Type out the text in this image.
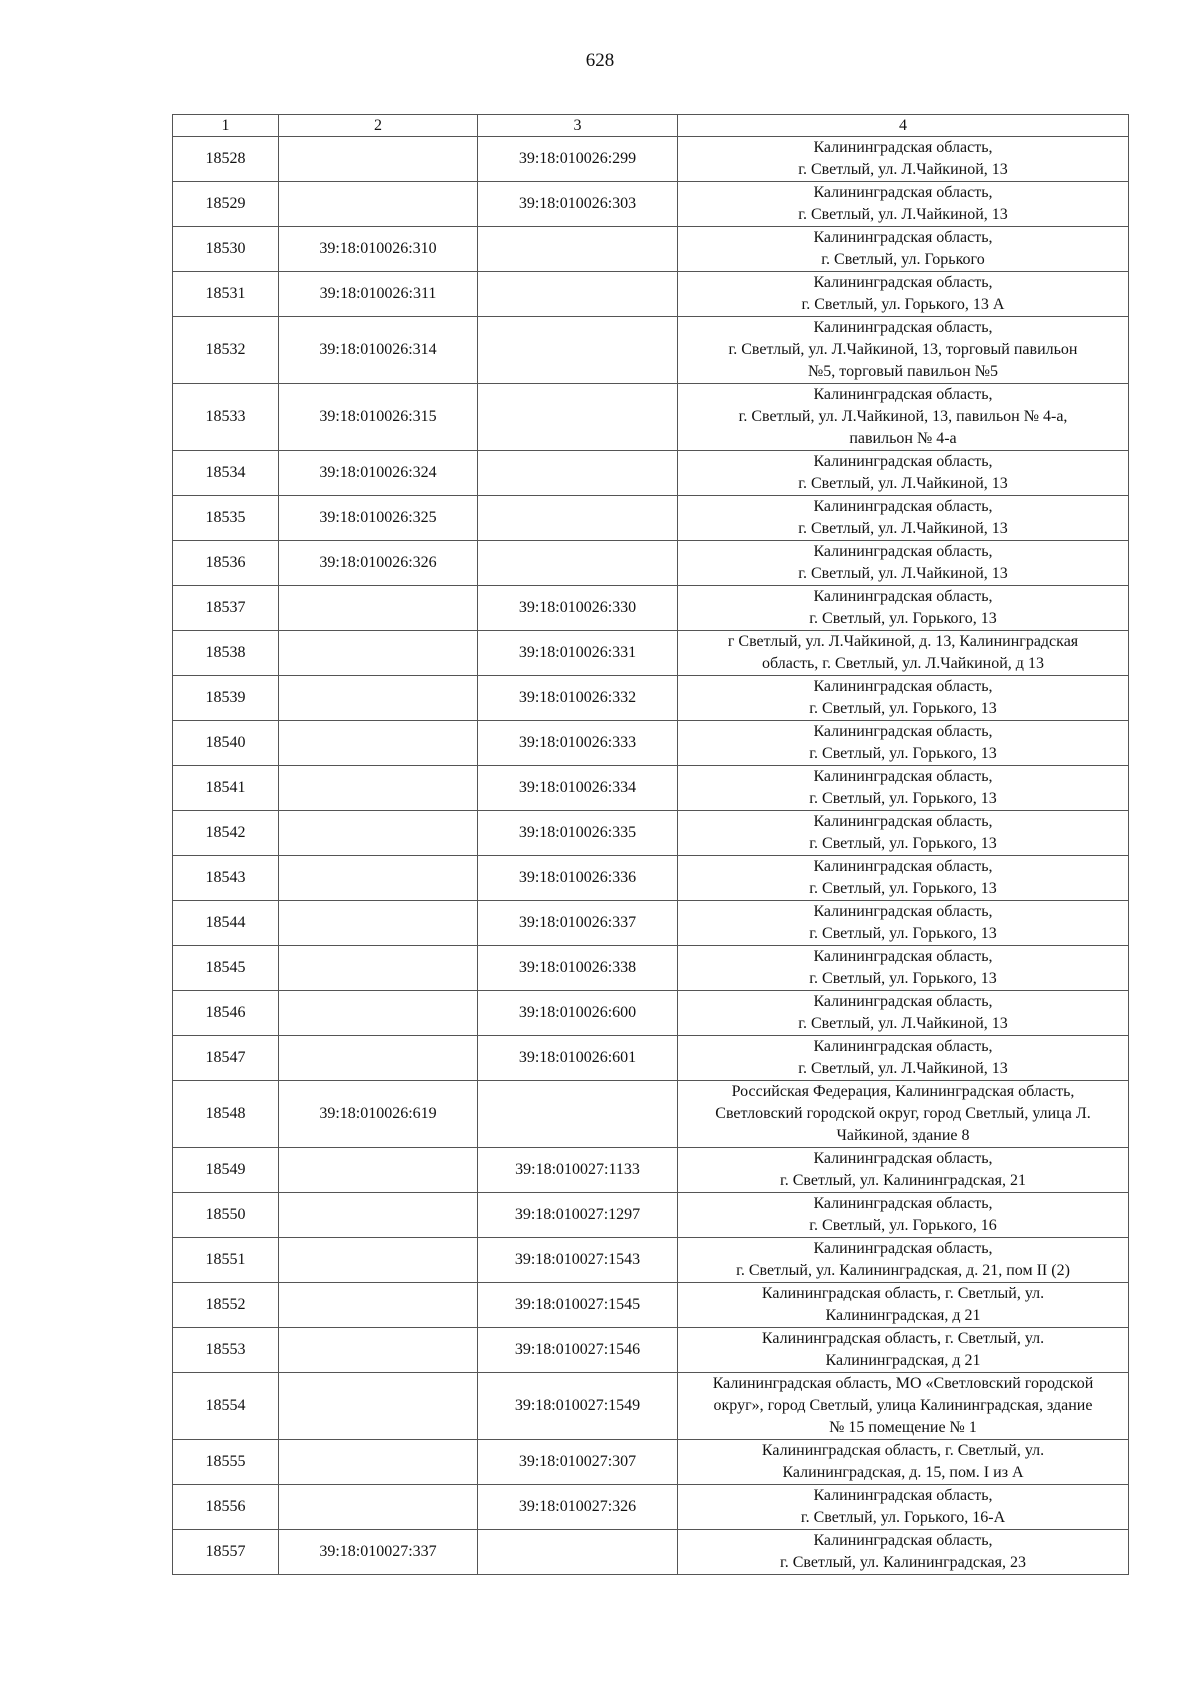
628
1	2	3	4
18528		39:18:010026:299	Калининградская область,
г. Светлый, ул. Л.Чайкиной, 13
18529		39:18:010026:303	Калининградская область,
г. Светлый, ул. Л.Чайкиной, 13
18530	39:18:010026:310		Калининградская область,
г. Светлый, ул. Горького
18531	39:18:010026:311		Калининградская область,
г. Светлый, ул. Горького, 13 А
18532	39:18:010026:314		Калининградская область,
г. Светлый, ул. Л.Чайкиной, 13, торговый павильон
№5, торговый павильон №5
18533	39:18:010026:315		Калининградская область,
г. Светлый, ул. Л.Чайкиной, 13, павильон № 4-а,
павильон № 4-а
18534	39:18:010026:324		Калининградская область,
г. Светлый, ул. Л.Чайкиной, 13
18535	39:18:010026:325		Калининградская область,
г. Светлый, ул. Л.Чайкиной, 13
18536	39:18:010026:326		Калининградская область,
г. Светлый, ул. Л.Чайкиной, 13
18537		39:18:010026:330	Калининградская область,
г. Светлый, ул. Горького, 13
18538		39:18:010026:331	г Светлый, ул. Л.Чайкиной, д. 13, Калининградская
область, г. Светлый, ул. Л.Чайкиной, д 13
18539		39:18:010026:332	Калининградская область,
г. Светлый, ул. Горького, 13
18540		39:18:010026:333	Калининградская область,
г. Светлый, ул. Горького, 13
18541		39:18:010026:334	Калининградская область,
г. Светлый, ул. Горького, 13
18542		39:18:010026:335	Калининградская область,
г. Светлый, ул. Горького, 13
18543		39:18:010026:336	Калининградская область,
г. Светлый, ул. Горького, 13
18544		39:18:010026:337	Калининградская область,
г. Светлый, ул. Горького, 13
18545		39:18:010026:338	Калининградская область,
г. Светлый, ул. Горького, 13
18546		39:18:010026:600	Калининградская область,
г. Светлый, ул. Л.Чайкиной, 13
18547		39:18:010026:601	Калининградская область,
г. Светлый, ул. Л.Чайкиной, 13
18548	39:18:010026:619		Российская Федерация, Калининградская область,
Светловский городской округ, город Светлый, улица Л.
Чайкиной, здание 8
18549		39:18:010027:1133	Калининградская область,
г. Светлый, ул. Калининградская, 21
18550		39:18:010027:1297	Калининградская область,
г. Светлый, ул. Горького, 16
18551		39:18:010027:1543	Калининградская область,
г. Светлый, ул. Калининградская, д. 21, пом II (2)
18552		39:18:010027:1545	Калининградская область, г. Светлый, ул.
Калининградская, д 21
18553		39:18:010027:1546	Калининградская область, г. Светлый, ул.
Калининградская, д 21
18554		39:18:010027:1549	Калининградская область, МО «Светловский городской
округ», город Светлый, улица Калининградская, здание
№ 15 помещение № 1
18555		39:18:010027:307	Калининградская область, г. Светлый, ул.
Калининградская, д. 15, пом. I из А
18556		39:18:010027:326	Калининградская область,
г. Светлый, ул. Горького, 16-А
18557	39:18:010027:337		Калининградская область,
г. Светлый, ул. Калининградская, 23
